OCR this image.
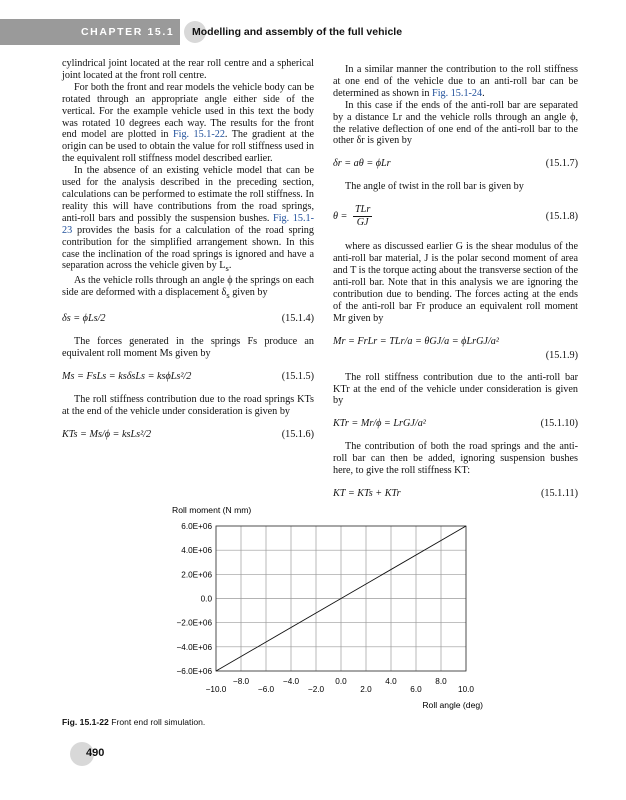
CHAPTER 15.1 Modelling and assembly of the full vehicle

cylindrical joint located at the rear roll centre and a spherical joint located at the front roll centre.

For both the front and rear models the vehicle body can be rotated through an appropriate angle either side of the vertical. For the example vehicle used in this text the body was rotated 10 degrees each way. The results for the front end model are plotted in Fig. 15.1-22. The gradient at the origin can be used to obtain the value for roll stiffness used in the equivalent roll stiffness model described earlier.

In the absence of an existing vehicle model that can be used for the analysis described in the preceding section, calculations can be performed to estimate the roll stiffness. In reality this will have contributions from the road springs, anti-roll bars and possibly the suspension bushes. Fig. 15.1-23 provides the basis for a calculation of the road spring contribution for the simplified arrangement shown. In this case the inclination of the road springs is ignored and have a separation across the vehicle given by $L_s$.

As the vehicle rolls through an angle ϕ the springs on each side are deformed with a displacement $\delta_s$ given by

δs = ϕLs/2	(15.1.4)

The forces generated in the springs Fs produce an equivalent roll moment Ms given by

Ms = FsLs = ksδsLs = ksϕLs²/2	(15.1.5)

The roll stiffness contribution due to the road springs KTs at the end of the vehicle under consideration is given by

KTs = Ms/ϕ = ksLs²/2	(15.1.6)

In a similar manner the contribution to the roll stiffness at one end of the vehicle due to an anti-roll bar can be determined as shown in Fig. 15.1-24.

In this case if the ends of the anti-roll bar are separated by a distance Lr and the vehicle rolls through an angle ϕ, the relative deflection of one end of the anti-roll bar to the other δr is given by

δr = aθ = ϕLr	(15.1.7)

The angle of twist in the roll bar is given by

θ =
TLr
GJ
(15.1.8)

where as discussed earlier G is the shear modulus of the anti-roll bar material, J is the polar second moment of area and T is the torque acting about the transverse section of the anti-roll bar. Note that in this analysis we are ignoring the contribution due to bending. The forces acting at the ends of the anti-roll bar Fr produce an equivalent roll moment Mr given by

Mr = FrLr = TLr/a = θGJ/a = ϕLrGJ/a²
(15.1.9)

The roll stiffness contribution due to the anti-roll bar KTr at the end of the vehicle under consideration is given by

KTr = Mr/ϕ = LrGJ/a²	(15.1.10)

The contribution of both the road springs and the anti-roll bar can then be added, ignoring suspension bushes here, to give the roll stiffness KT:

KT = KTs + KTr	(15.1.11)
Roll moment (N mm)
Roll angle (deg)
6.0E+06
4.0E+06
2.0E+06
0.0
−2.0E+06
−4.0E+06
−6.0E+06
−10.0
−8.0
−6.0
−4.0
−2.0
0.0
2.0
4.0
6.0
8.0
10.0
Fig. 15.1-22 Front end roll simulation.
490
